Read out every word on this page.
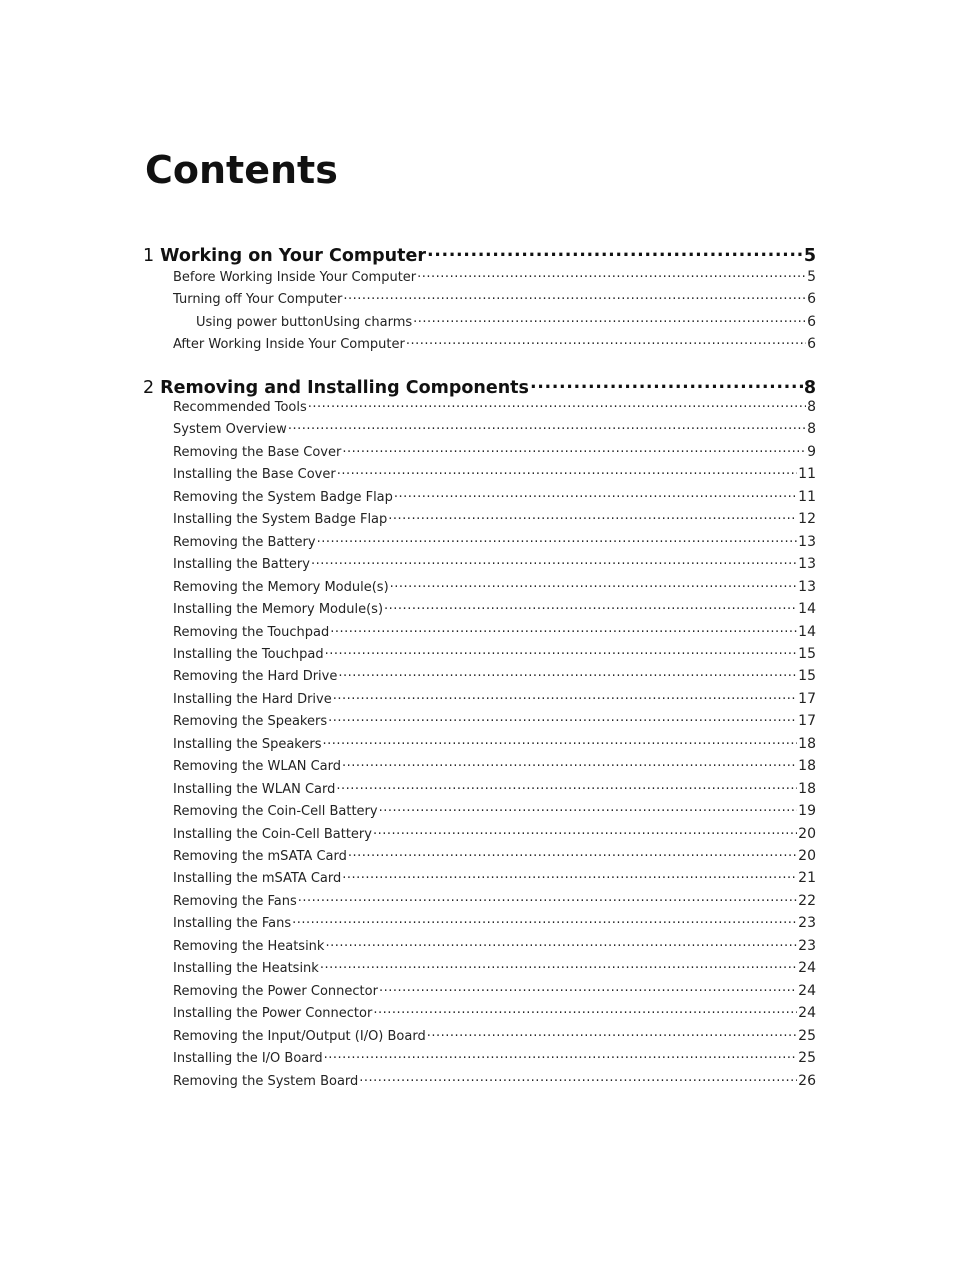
Contents
1 Working on Your Computer .....	5
Before Working Inside Your Computer .....	5
Turning off Your Computer .....	6
Using power buttonUsing charms .....	6
After Working Inside Your Computer .....	6
2 Removing and Installing Components .....	8
Recommended Tools .....	8
System Overview .....	8
Removing the Base Cover .....	9
Installing the Base Cover .....	11
Removing the System Badge Flap .....	11
Installing the System Badge Flap .....	12
Removing the Battery .....	13
Installing the Battery .....	13
Removing the Memory Module(s) .....	13
Installing the Memory Module(s) .....	14
Removing the Touchpad .....	14
Installing the Touchpad .....	15
Removing the Hard Drive .....	15
Installing the Hard Drive .....	17
Removing the Speakers .....	17
Installing the Speakers .....	18
Removing the WLAN Card .....	18
Installing the WLAN Card .....	18
Removing the Coin-Cell Battery .....	19
Installing the Coin-Cell Battery .....	20
Removing the mSATA Card .....	20
Installing the mSATA Card .....	21
Removing the Fans .....	22
Installing the Fans .....	23
Removing the Heatsink .....	23
Installing the Heatsink .....	24
Removing the Power Connector .....	24
Installing the Power Connector .....	24
Removing the Input/Output (I/O) Board .....	25
Installing the I/O Board .....	25
Removing the System Board .....	26
